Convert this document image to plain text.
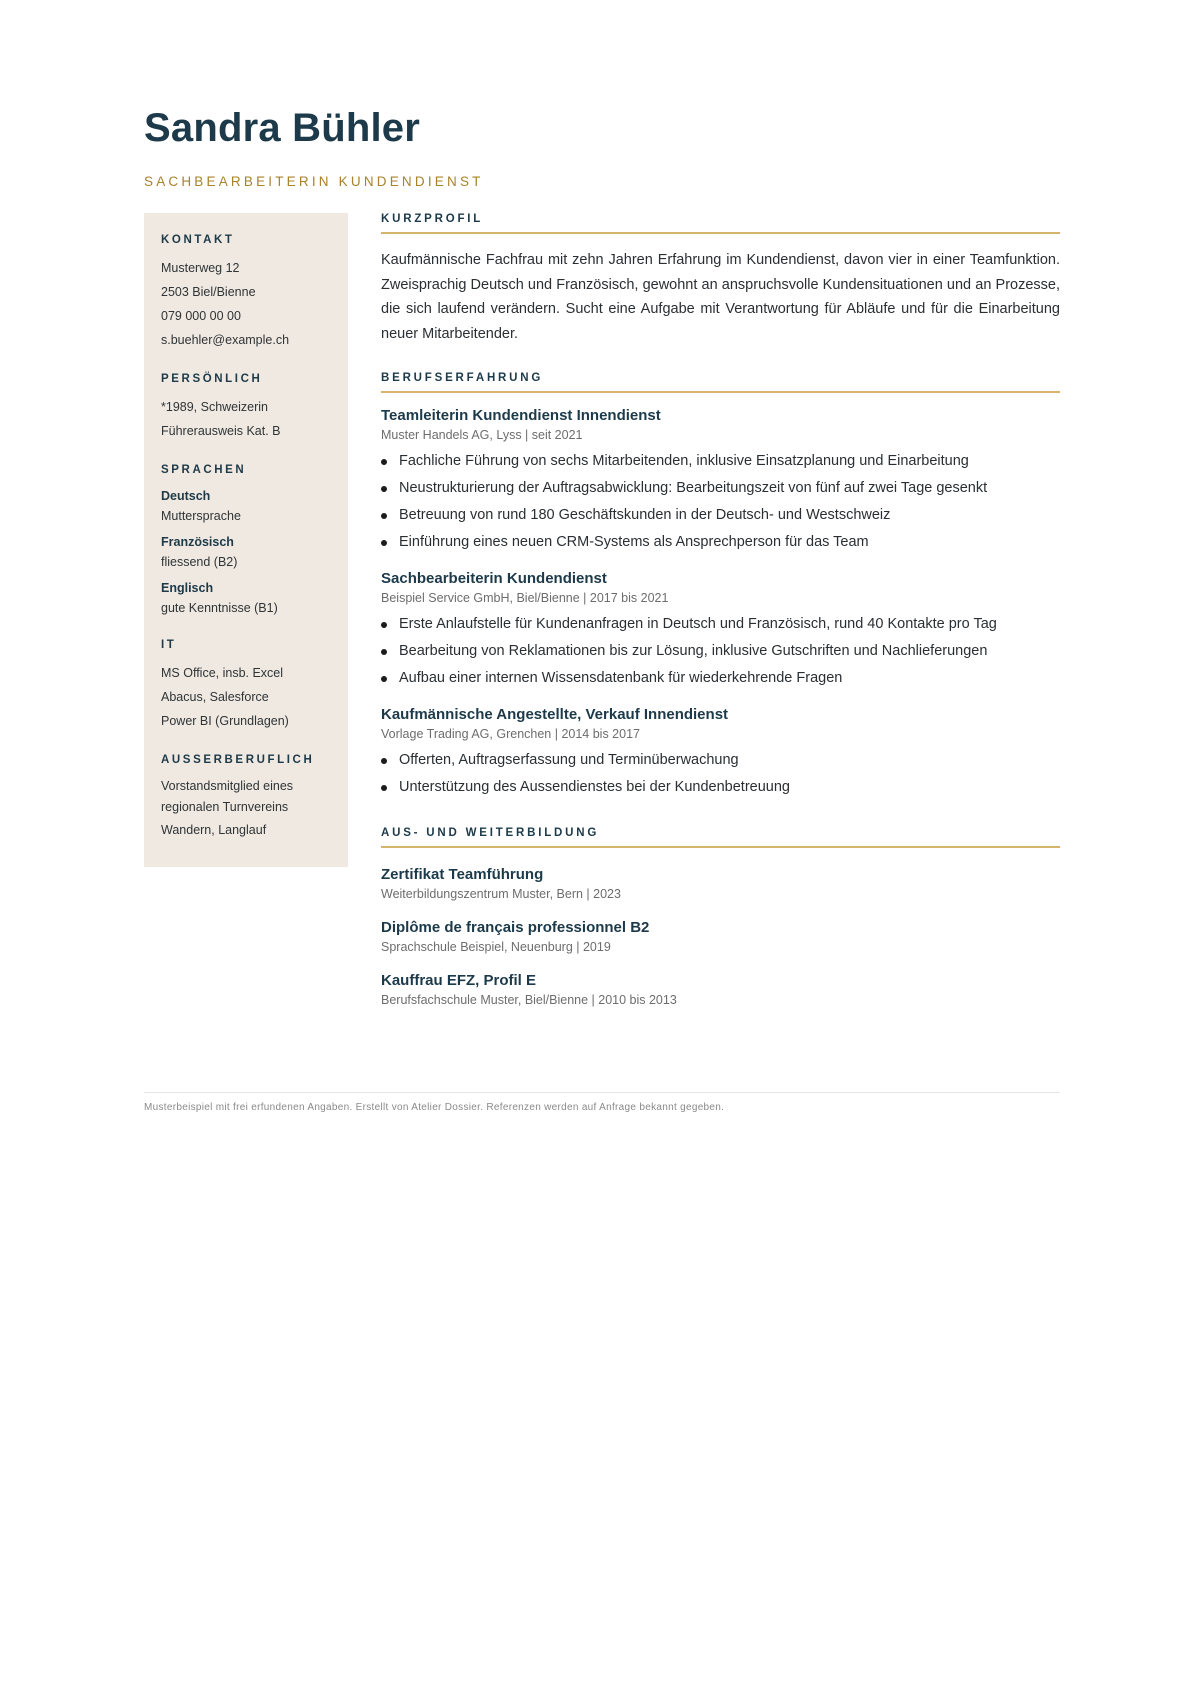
Sandra Bühler
SACHBEARBEITERIN KUNDENDIENST
KONTAKT
Musterweg 12
2503 Biel/Bienne
079 000 00 00
s.buehler@example.ch
PERSÖNLICH
*1989, Schweizerin
Führerausweis Kat. B
SPRACHEN
Deutsch
Muttersprache
Französisch
fliessend (B2)
Englisch
gute Kenntnisse (B1)
IT
MS Office, insb. Excel
Abacus, Salesforce
Power BI (Grundlagen)
AUSSERBERUFLICH
Vorstandsmitglied eines
regionalen Turnvereins
Wandern, Langlauf
KURZPROFIL
Kaufmännische Fachfrau mit zehn Jahren Erfahrung im Kundendienst, davon vier in einer Teamfunktion. Zweisprachig Deutsch und Französisch, gewohnt an anspruchsvolle Kundensituationen und an Prozesse, die sich laufend verändern. Sucht eine Aufgabe mit Verantwortung für Abläufe und für die Einarbeitung neuer Mitarbeitender.
BERUFSERFAHRUNG
Teamleiterin Kundendienst Innendienst
Muster Handels AG, Lyss | seit 2021
Fachliche Führung von sechs Mitarbeitenden, inklusive Einsatzplanung und Einarbeitung
Neustrukturierung der Auftragsabwicklung: Bearbeitungszeit von fünf auf zwei Tage gesenkt
Betreuung von rund 180 Geschäftskunden in der Deutsch- und Westschweiz
Einführung eines neuen CRM-Systems als Ansprechperson für das Team
Sachbearbeiterin Kundendienst
Beispiel Service GmbH, Biel/Bienne | 2017 bis 2021
Erste Anlaufstelle für Kundenanfragen in Deutsch und Französisch, rund 40 Kontakte pro Tag
Bearbeitung von Reklamationen bis zur Lösung, inklusive Gutschriften und Nachlieferungen
Aufbau einer internen Wissensdatenbank für wiederkehrende Fragen
Kaufmännische Angestellte, Verkauf Innendienst
Vorlage Trading AG, Grenchen | 2014 bis 2017
Offerten, Auftragserfassung und Terminüberwachung
Unterstützung des Aussendienstes bei der Kundenbetreuung
AUS- UND WEITERBILDUNG
Zertifikat Teamführung
Weiterbildungszentrum Muster, Bern | 2023
Diplôme de français professionnel B2
Sprachschule Beispiel, Neuenburg | 2019
Kauffrau EFZ, Profil E
Berufsfachschule Muster, Biel/Bienne | 2010 bis 2013
Musterbeispiel mit frei erfundenen Angaben. Erstellt von Atelier Dossier. Referenzen werden auf Anfrage bekannt gegeben.
